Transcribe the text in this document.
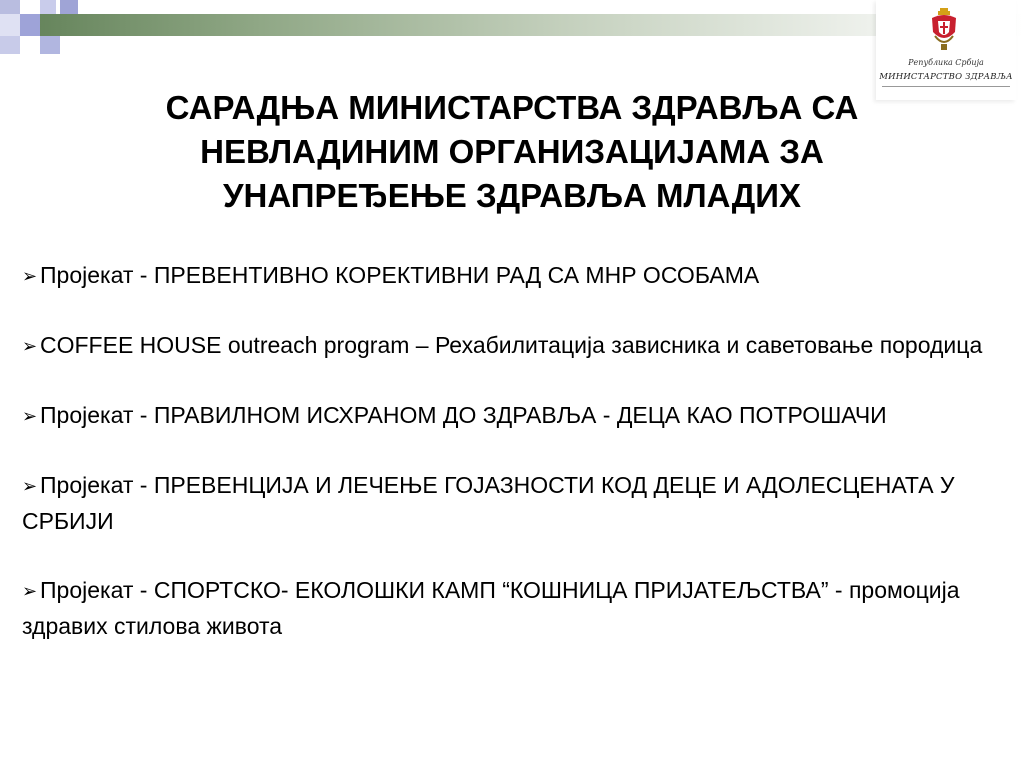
Република Србија
МИНИСТАРСТВО ЗДРАВЉА
САРАДЊА МИНИСТАРСТВА ЗДРАВЉА СА
НЕВЛАДИНИМ ОРГАНИЗАЦИЈАМА ЗА
УНАПРЕЂЕЊЕ ЗДРАВЉА МЛАДИХ
➢ Пројекат - ПРЕВЕНТИВНО КОРЕКТИВНИ РАД СА МНР ОСОБАМА
➢ COFFEE HOUSE outreach program – Рехабилитација зависника и саветовање породица
➢ Пројекат - ПРАВИЛНОМ ИСХРАНОМ ДО ЗДРАВЉА - ДЕЦА КАО ПОТРОШАЧИ
➢ Пројекат - ПРЕВЕНЦИЈА И ЛЕЧЕЊЕ ГОЈАЗНОСТИ КОД ДЕЦЕ И АДОЛЕСЦЕНАТА У СРБИЈИ
➢ Пројекат - СПОРТСКО- ЕКОЛОШКИ КАМП “КОШНИЦА ПРИЈАТЕЉСТВА” - промоција здравих стилова живота
